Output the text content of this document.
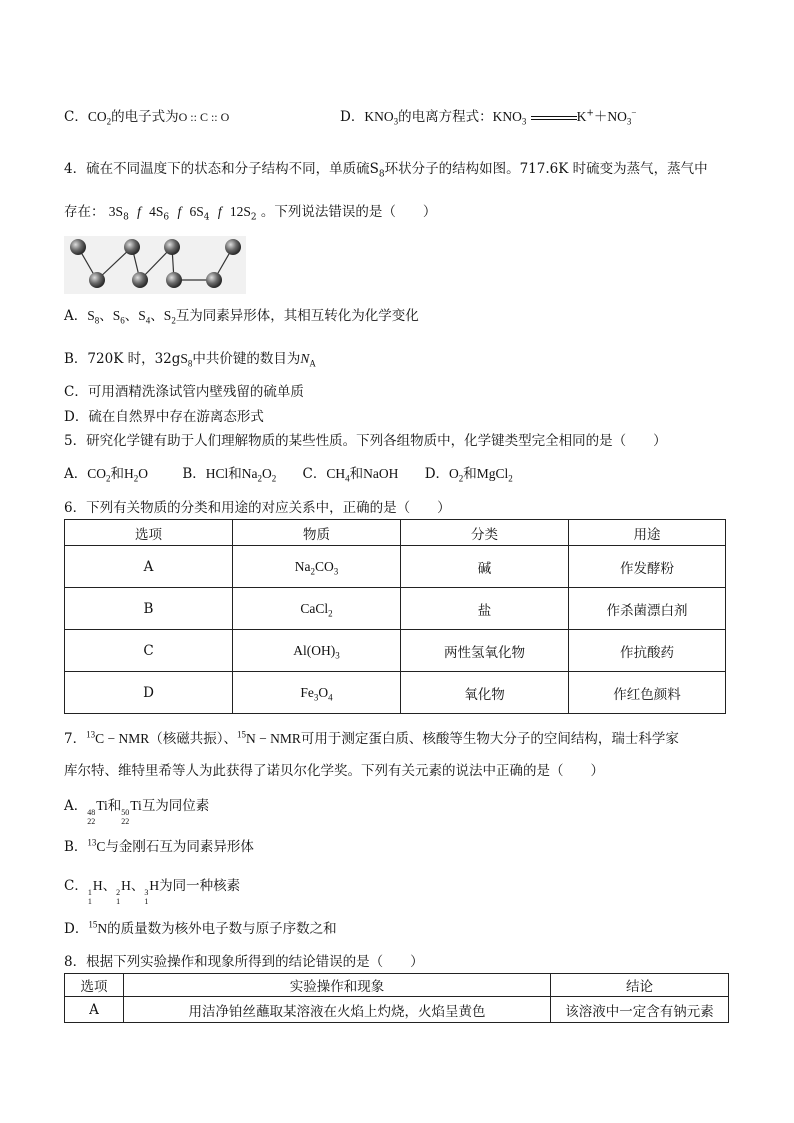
C．$CO_2$的电子式为O :: C :: O	D．$KNO_3$的电离方程式：$KNO_3$	$K^++NO_3^-$
4．硫在不同温度下的状态和分子结构不同，单质硫$S_8$环状分子的结构如图。717.6K 时硫变为蒸气，蒸气中
存在： $3S_8$ f $4S_6$ f $6S_4$ f $12S_2$ 。下列说法错误的是（　　）
A．$S_8$、$S_6$、$S_4$、$S_2$互为同素异形体，其相互转化为化学变化
B．720K 时，$32gS_8$中共价键的数目为$N_A$
C．可用酒精洗涤试管内壁残留的硫单质
D．硫在自然界中存在游离态形式
5．研究化学键有助于人们理解物质的某些性质。下列各组物质中，化学键类型完全相同的是（　　）
A．$CO_2$和$H_2O$	B．HCl和$Na_2O_2$ C．$CH_4$和NaOH D．$O_2$和MgCl$_2$
6．下列有关物质的分类和用途的对应关系中，正确的是（　　）
选项	物质	分类	用途
A	$Na_2CO_3$	碱	作发酵粉
B	CaCl$_2$	盐	作杀菌漂白剂
C	$Al(OH)_3$	两性氢氧化物	作抗酸药
D	$Fe_3O_4$	氧化物	作红色颜料
7．$^{13}$C − NMR（核磁共振）、$^{15}$N − NMR可用于测定蛋白质、核酸等生物大分子的空间结构，瑞士科学家
库尔特、维特里希等人为此获得了诺贝尔化学奖。下列有关元素的说法中正确的是（　　）
A． 48
22
Ti和 50
22
Ti互为同位素
B．$^{13}$C与金刚石互为同素异形体
C． 1
1
H、 2
1
H、 3
1
H为同一种核素
D．$^{15}$N的质量数为核外电子数与原子序数之和
8．根据下列实验操作和现象所得到的结论错误的是（　　）
选项	实验操作和现象	结论
A	用洁净铂丝蘸取某溶液在火焰上灼烧，火焰呈黄色	该溶液中一定含有钠元素
